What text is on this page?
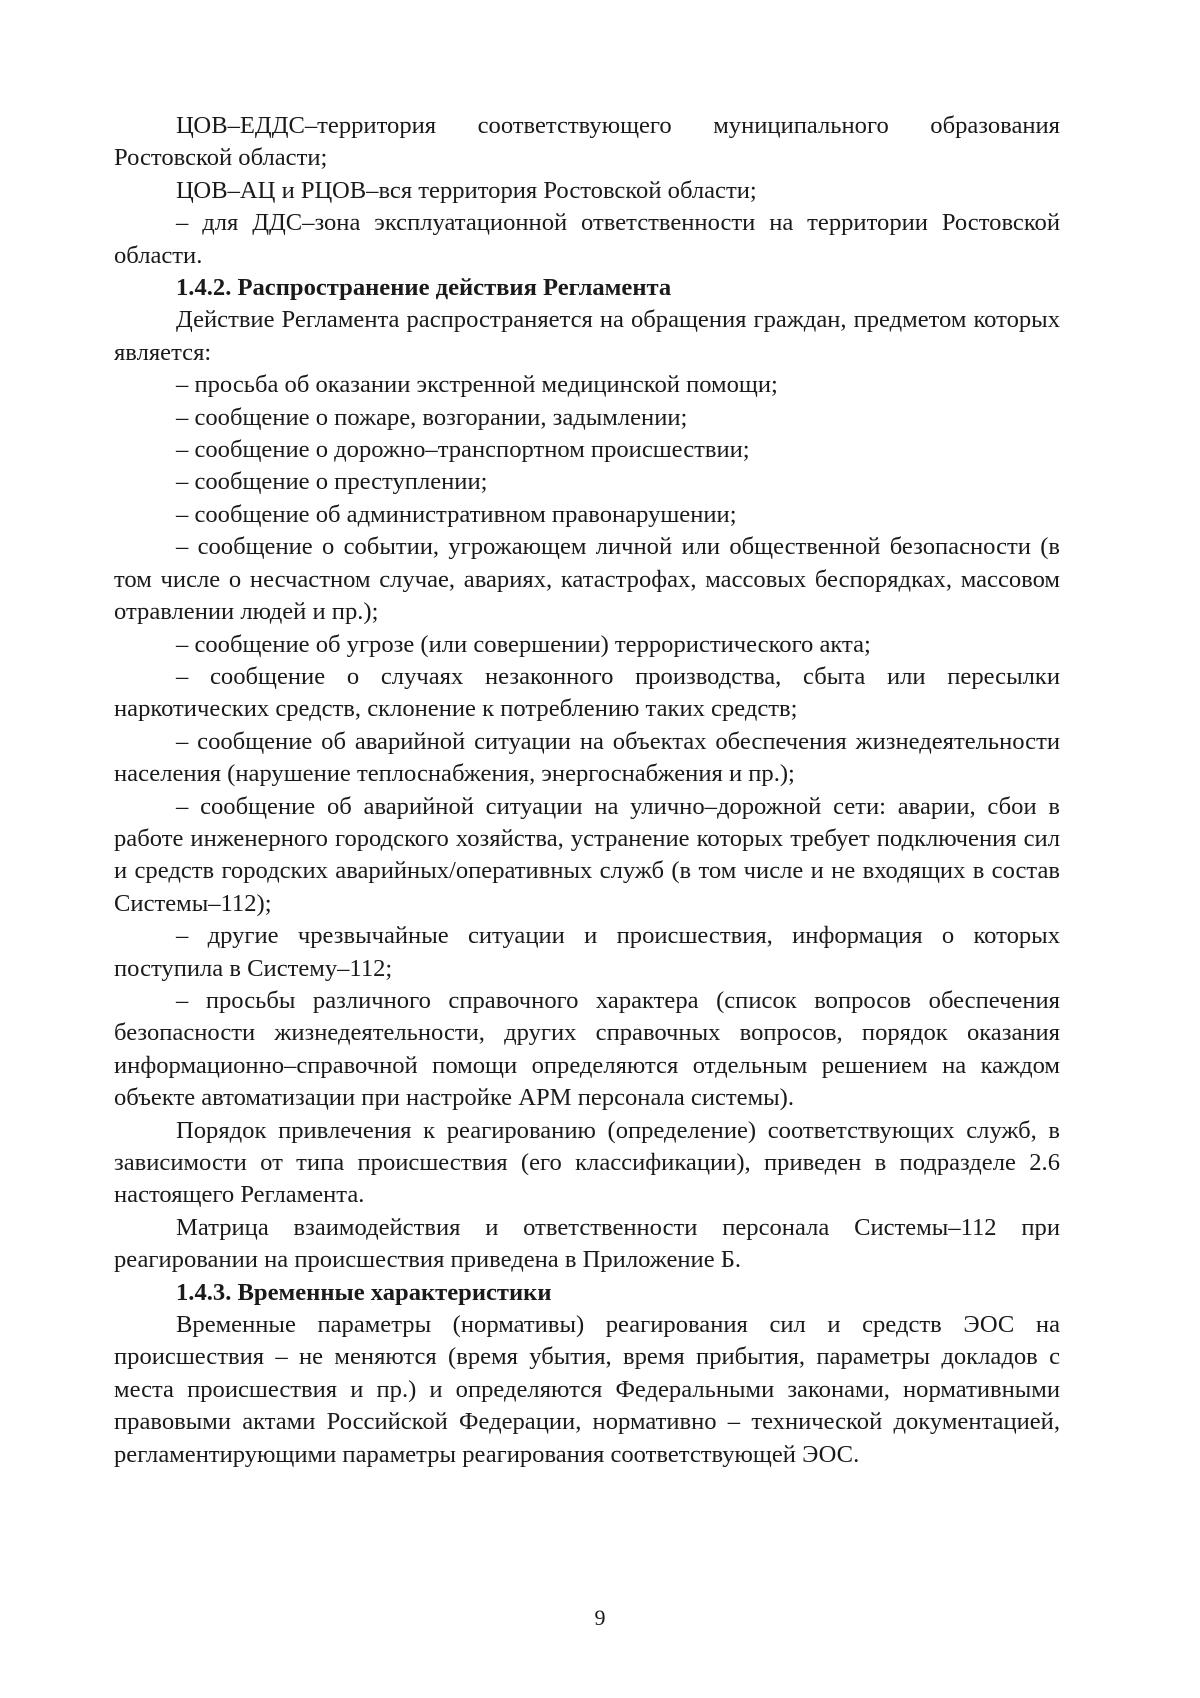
ЦОВ–ЕДДС–территория соответствующего муниципального образования Ростовской области;

ЦОВ–АЦ и РЦОВ–вся территория Ростовской области;

– для ДДС–зона эксплуатационной ответственности на территории Ростовской области.

1.4.2. Распространение действия Регламента

Действие Регламента распространяется на обращения граждан, предметом которых является:

– просьба об оказании экстренной медицинской помощи;

– сообщение о пожаре, возгорании, задымлении;

– сообщение о дорожно–транспортном происшествии;

– сообщение о преступлении;

– сообщение об административном правонарушении;

– сообщение о событии, угрожающем личной или общественной безопасности (в том числе о несчастном случае, авариях, катастрофах, массовых беспорядках, массовом отравлении людей и пр.);

– сообщение об угрозе (или совершении) террористического акта;

– сообщение о случаях незаконного производства, сбыта или пересылки наркотических средств, склонение к потреблению таких средств;

– сообщение об аварийной ситуации на объектах обеспечения жизнедеятельности населения (нарушение теплоснабжения, энергоснабжения и пр.);

– сообщение об аварийной ситуации на улично–дорожной сети: аварии, сбои в работе инженерного городского хозяйства, устранение которых требует подключения сил и средств городских аварийных/оперативных служб (в том числе и не входящих в состав Системы–112);

– другие чрезвычайные ситуации и происшествия, информация о которых поступила в Систему–112;

– просьбы различного справочного характера (список вопросов обеспечения безопасности жизнедеятельности, других справочных вопросов, порядок оказания информационно–справочной помощи определяются отдельным решением на каждом объекте автоматизации при настройке АРМ персонала системы).

Порядок привлечения к реагированию (определение) соответствующих служб, в зависимости от типа происшествия (его классификации), приведен в подразделе 2.6 настоящего Регламента.

Матрица взаимодействия и ответственности персонала Системы–112 при реагировании на происшествия приведена в Приложение Б.

1.4.3. Временные характеристики

Временные параметры (нормативы) реагирования сил и средств ЭОС на происшествия – не меняются (время убытия, время прибытия, параметры докладов с места происшествия и пр.) и определяются Федеральными законами, нормативными правовыми актами Российской Федерации, нормативно – технической документацией, регламентирующими параметры реагирования соответствующей ЭОС.

9
